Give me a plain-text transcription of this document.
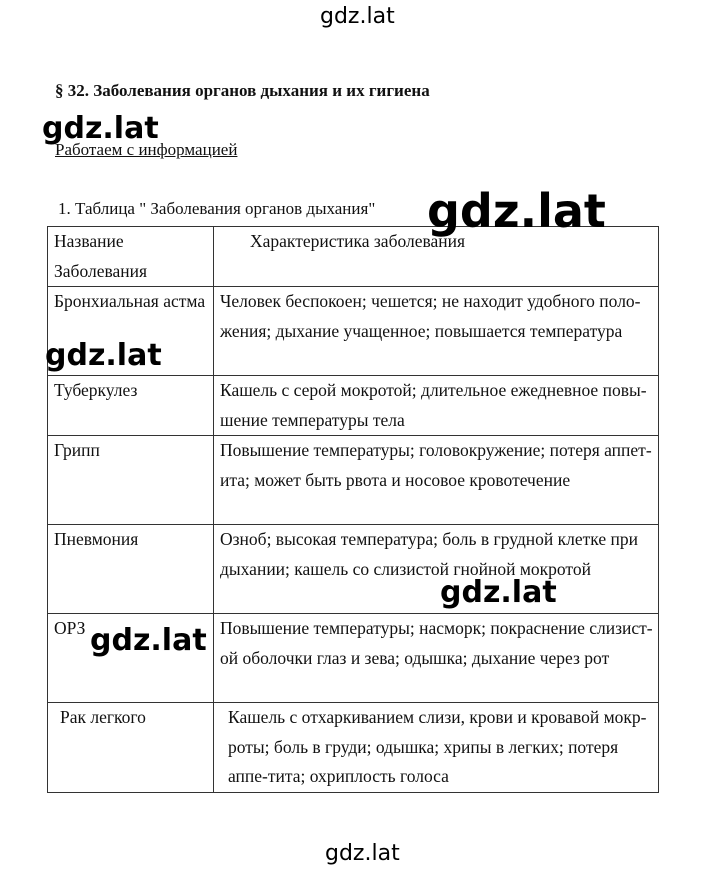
gdz.lat
§ 32. Заболевания органов дыхания и их гигиена
Работаем с информацией
1. Таблица " Заболевания органов дыхания"
Название Заболевания	Характеристика заболевания

Бронхиальная астма	Человек беспокоен; чешется; не находит удобного поло-жения; дыхание учащенное; повышается температура
Туберкулез	Кашель с серой мокротой; длительное ежедневное повы-шение температуры тела
Грипп	Повышение температуры; головокружение; потеря аппет-ита; может быть рвота и носовое кровотечение
Пневмония	Озноб; высокая температура; боль в грудной клетке при дыхании; кашель со слизистой гнойной мокротой
ОРЗ	Повышение температуры; насморк; покраснение слизист-ой оболочки глаз и зева; одышка; дыхание через рот
Рак легкого	Кашель с отхаркиванием слизи, крови и кровавой мокр-роты; боль в груди; одышка; хрипы в легких; потеря аппе-тита; охриплость голоса
gdz.lat
gdz.lat
gdz.lat
gdz.lat
gdz.lat
gdz.lat
